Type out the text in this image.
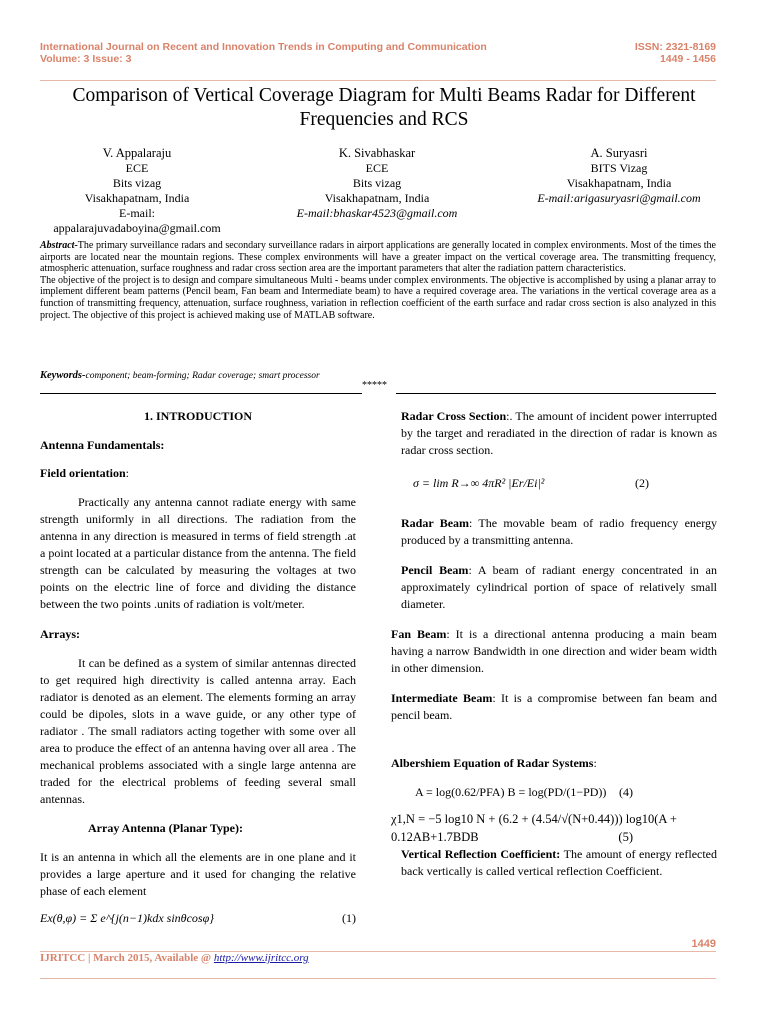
International Journal on Recent and Innovation Trends in Computing and Communication
Volume: 3 Issue: 3
ISSN: 2321-8169
1449 - 1456
Comparison of Vertical Coverage Diagram for Multi Beams Radar for Different
Frequencies and RCS
V. Appalaraju
ECE
Bits vizag
Visakhapatnam, India
E-mail:
appalarajuvadaboyina@gmail.com
K. Sivabhaskar
ECE
Bits vizag
Visakhapatnam, India
E-mail:bhaskar4523@gmail.com
A. Suryasri
BITS Vizag
Visakhapatnam, India
E-mail:arigasuryasri@gmail.com

Abstract-The primary surveillance radars and secondary surveillance radars in airport applications are generally located in complex environments. Most of the times the airports are located near the mountain regions. These complex environments will have a greater impact on the vertical coverage area. The transmitting frequency, atmospheric attenuation, surface roughness and radar cross section area are the important parameters that alter the radiation pattern characteristics.

The objective of the project is to design and compare simultaneous Multi - beams under complex environments. The objective is accomplished by using a planar array to implement different beam patterns (Pencil beam, Fan beam and Intermediate beam) to have a required coverage area. The variations in the vertical coverage area as a function of transmitting frequency, attenuation, surface roughness, variation in reflection coefficient of the earth surface and radar cross section is also analyzed in this project. The objective of this project is achieved making use of MATLAB software.

Keywords-component; beam-forming; Radar coverage; smart processor
*****

1. INTRODUCTION

Antenna Fundamentals:

Field orientation:

Practically any antenna cannot radiate energy with same strength uniformly in all directions. The radiation from the antenna in any direction is measured in terms of field strength .at a point located at a particular distance from the antenna. The field strength can be calculated by measuring the voltages at two points on the electric line of force and dividing the distance between the two points .units of radiation is volt/meter.

Arrays:

It can be defined as a system of similar antennas directed to get required high directivity is called antenna array. Each radiator is denoted as an element. The elements forming an array could be dipoles, slots in a wave guide, or any other type of radiator . The small radiators acting together with some over all area to produce the effect of an antenna having over all area . The mechanical problems associated with a single large antenna are traded for the electrical problems of feeding several small antennas.

Array Antenna (Planar Type):

It is an antenna in which all the elements are in one plane and it provides a large aperture and it used for changing the relative phase of each element

Ex(θ,φ) = Σ e^{j(n−1)kdx sinθcosφ}	(1)

Radar Cross Section:. The amount of incident power interrupted by the target and reradiated in the direction of radar is known as radar cross section.

σ = lim R→∞ 4πR² |Er/Ei|²	(2)

Radar Beam: The movable beam of radio frequency energy produced by a transmitting antenna.

Pencil Beam: A beam of radiant energy concentrated in an approximately cylindrical portion of space of relatively small diameter.

Fan Beam: It is a directional antenna producing a main beam having a narrow Bandwidth in one direction and wider beam width in other dimension.

Intermediate Beam: It is a compromise between fan beam and pencil beam.

Albershiem Equation of Radar Systems:

A = log(0.62/PFA) B = log(PD/(1−PD)) (4)
χ1,N = −5 log10 N + (6.2 + (4.54/√(N+0.44))) log10(A +
0.12AB+1.7BDB	(5)

Vertical Reflection Coefficient: The amount of energy reflected back vertically is called vertical reflection Coefficient.

1449
IJRITCC | March 2015, Available @ http://www.ijritcc.org
